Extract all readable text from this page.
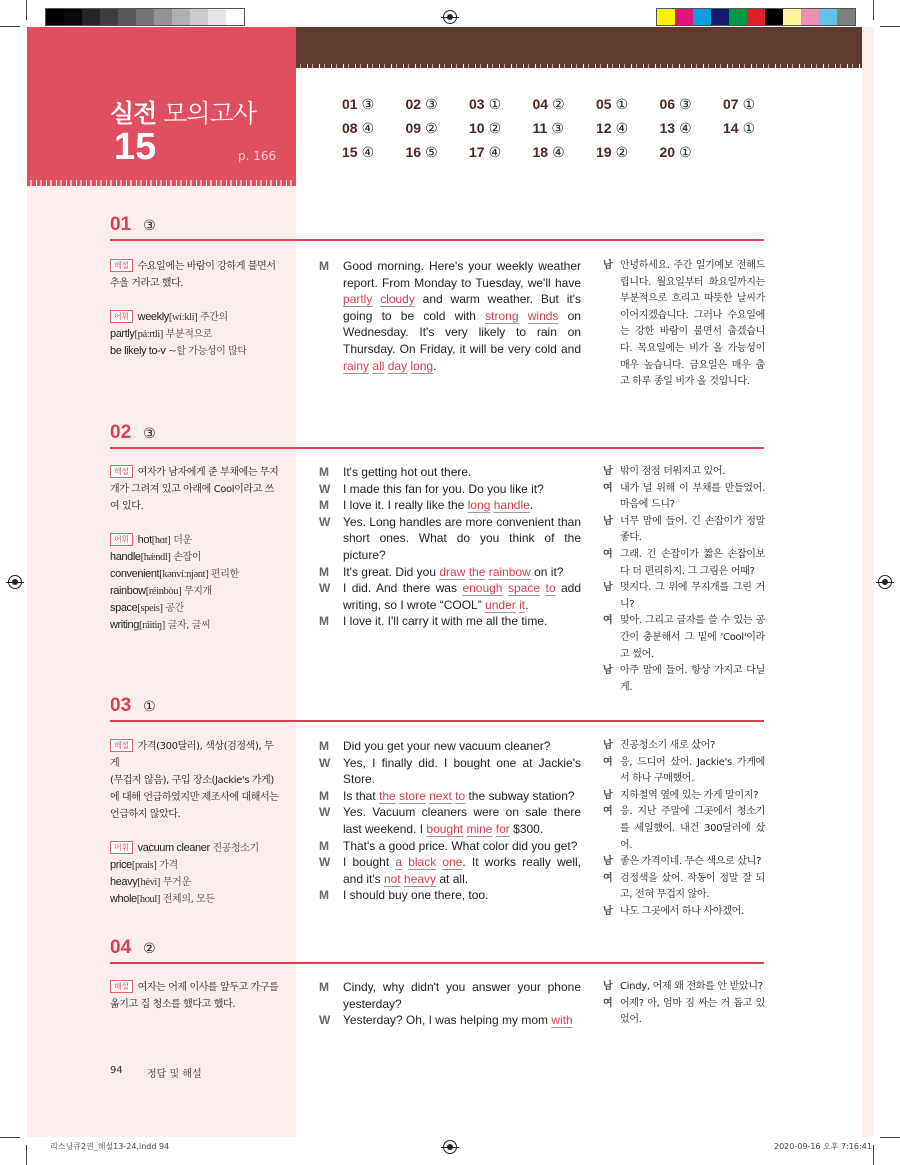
실전 모의고사
15	p. 166
01 ③	02 ③	03 ①	04 ②	05 ①	06 ③	07 ①
08 ④	09 ②	10 ②	11 ③	12 ④	13 ④	14 ①
15 ④	16 ⑤	17 ④	18 ④	19 ②	20 ①
01 ③
해설 수요일에는 바람이 강하게 불면서
추울 거라고 했다.
어휘 weekly[wíːkli] 주간의
partly[páːrtli] 부분적으로
be likely to-v ~할 가능성이 많다
M	Good morning. Here's your weekly weather report. From Monday to Tuesday, we'll have partly cloudy and warm weather. But it's going to be cold with strong winds on Wednesday. It's very likely to rain on Thursday. On Friday, it will be very cold and rainy all day long.
남 안녕하세요. 주간 일기예보 전해드립니다. 월요일부터 화요일까지는 부분적으로 흐리고 따뜻한 날씨가 이어지겠습니다. 그러나 수요일에는 강한 바람이 불면서 춥겠습니다. 목요일에는 비가 올 가능성이 매우 높습니다. 금요일은 매우 춥고 하루 종일 비가 올 것입니다.
02 ③
해설 여자가 남자에게 준 부채에는 무지
개가 그려져 있고 아래에 Cool이라고 쓰
여 있다.
어휘 hot[hɑt] 더운
handle[hǽndl] 손잡이
convenient[kənvíːnjənt] 편리한
rainbow[réinbòu] 무지개
space[speis] 공간
writing[ráitiŋ] 글자, 글씨
M	It's getting hot out there.
W	I made this fan for you. Do you like it?
M	I love it. I really like the long handle.
W	Yes. Long handles are more convenient than short ones. What do you think of the picture?
M	It's great. Did you draw the rainbow on it?
W	I did. And there was enough space to add writing, so I wrote “COOL” under it.
M	I love it. I'll carry it with me all the time.
남 밖이 점점 더워지고 있어.
여 내가 널 위해 이 부채를 만들었어. 마음에 드니?
남 너무 맘에 들어. 긴 손잡이가 정말 좋다.
여 그래. 긴 손잡이가 짧은 손잡이보다 더 편리하지. 그 그림은 어때?
남 멋지다. 그 위에 무지개를 그린 거니?
여 맞아. 그리고 글자를 쓸 수 있는 공간이 충분해서 그 밑에 'Cool'이라고 썼어.
남 아주 맘에 들어. 항상 가지고 다닐게.
03 ①
해설 가격(300달러), 색상(검정색), 무게
(무겁지 않음), 구입 장소(Jackie's 가게)
에 대해 언급하였지만 제조사에 대해서는
언급하지 않았다.
어휘 vacuum cleaner 진공청소기
price[prais] 가격
heavy[hévi] 무거운
whole[houl] 전체의, 모든
M	Did you get your new vacuum cleaner?
W	Yes, I finally did. I bought one at Jackie's Store.
M	Is that the store next to the subway station?
W	Yes. Vacuum cleaners were on sale there last weekend. I bought mine for $300.
M	That's a good price. What color did you get?
W	I bought a black one. It works really well, and it's not heavy at all.
M	I should buy one there, too.
남 진공청소기 새로 샀어?
여 응, 드디어 샀어. Jackie's 가게에서 하나 구매했어.
남 지하철역 옆에 있는 가게 말이지?
여 응. 지난 주말에 그곳에서 청소기를 세일했어. 내건 300달러에 샀어.
남 좋은 가격이네. 무슨 색으로 샀니?
여 검정색을 샀어. 작동이 정말 잘 되고, 전혀 무겁지 않아.
남 나도 그곳에서 하나 사야겠어.
04 ②
해설 여자는 어제 이사를 앞두고 가구를
옮기고 집 청소를 했다고 했다.
M	Cindy, why didn't you answer your phone yesterday?
W	Yesterday? Oh, I was helping my mom with
남 Cindy, 어제 왜 전화를 안 받았니?
여 어제? 아, 엄마 짐 싸는 거 돕고 있었어.
94 정답 및 해설
리스닝큐2권_해설13-24.indd 94	2020-09-16 오후 7:16:41
